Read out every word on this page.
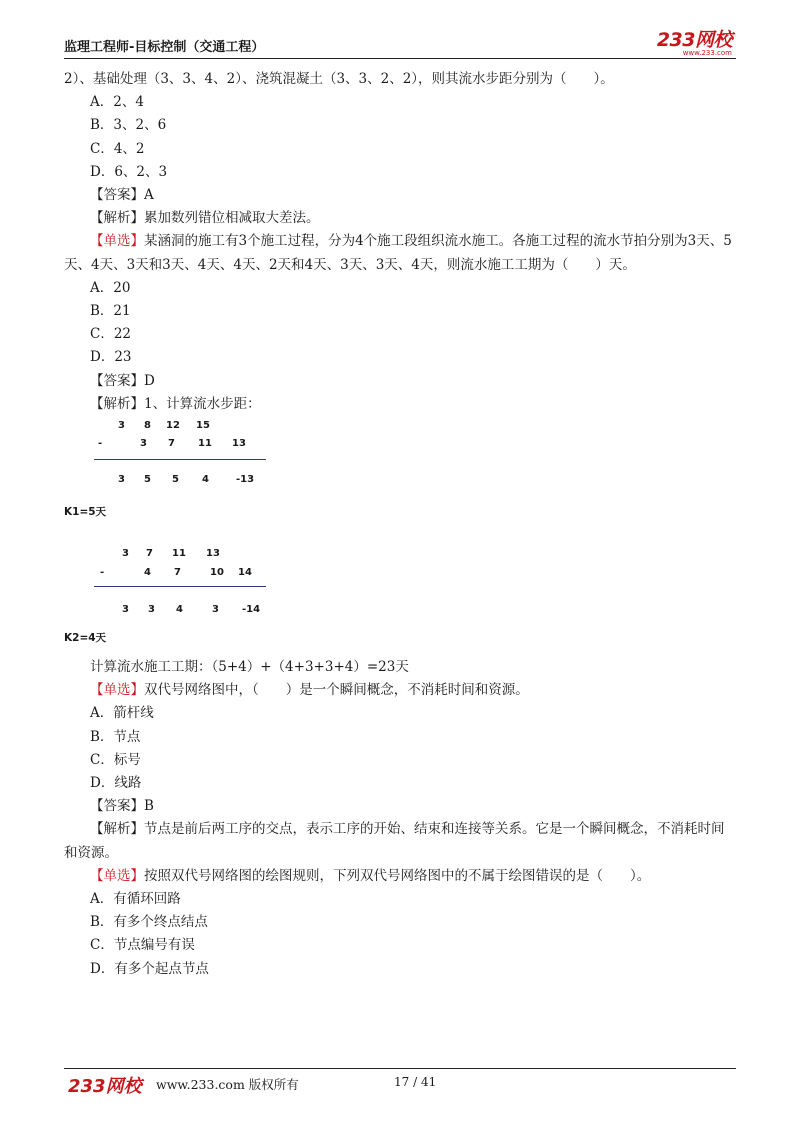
监理工程师-目标控制（交通工程）	233网校
www.233.com
2）、基础处理（3、3、4、2）、浇筑混凝土（3、3、2、2），则其流水步距分别为（　　）。
A．2、4
B．3、2、6
C．4、2
D．6、2、3
【答案】A
【解析】累加数列错位相减取大差法。
【单选】某涵洞的施工有3个施工过程，分为4个施工段组织流水施工。各施工过程的流水节拍分别为3天、5天、4天、3天和3天、4天、4天、2天和4天、3天、3天、4天，则流水施工工期为（　　）天。
A．20
B．21
C．22
D．23
【答案】D
【解析】1、计算流水步距：
3 8 12 15
-	3 7 11 13
3 5 5 4	-13
K1=5天
3 7 11 13
-	4 7	10 14
3 3 4	3 -14
K2=4天
计算流水施工工期：（5+4）+（4+3+3+4）=23天
【单选】双代号网络图中，（　　）是一个瞬间概念，不消耗时间和资源。
A．箭杆线
B．节点
C．标号
D．线路
【答案】B
【解析】节点是前后两工序的交点，表示工序的开始、结束和连接等关系。它是一个瞬间概念，不消耗时间和资源。
【单选】按照双代号网络图的绘图规则，下列双代号网络图中的不属于绘图错误的是（　　）。
A．有循环回路
B．有多个终点结点
C．节点编号有误
D．有多个起点节点
233网校 www.233.com 版权所有	17 / 41
